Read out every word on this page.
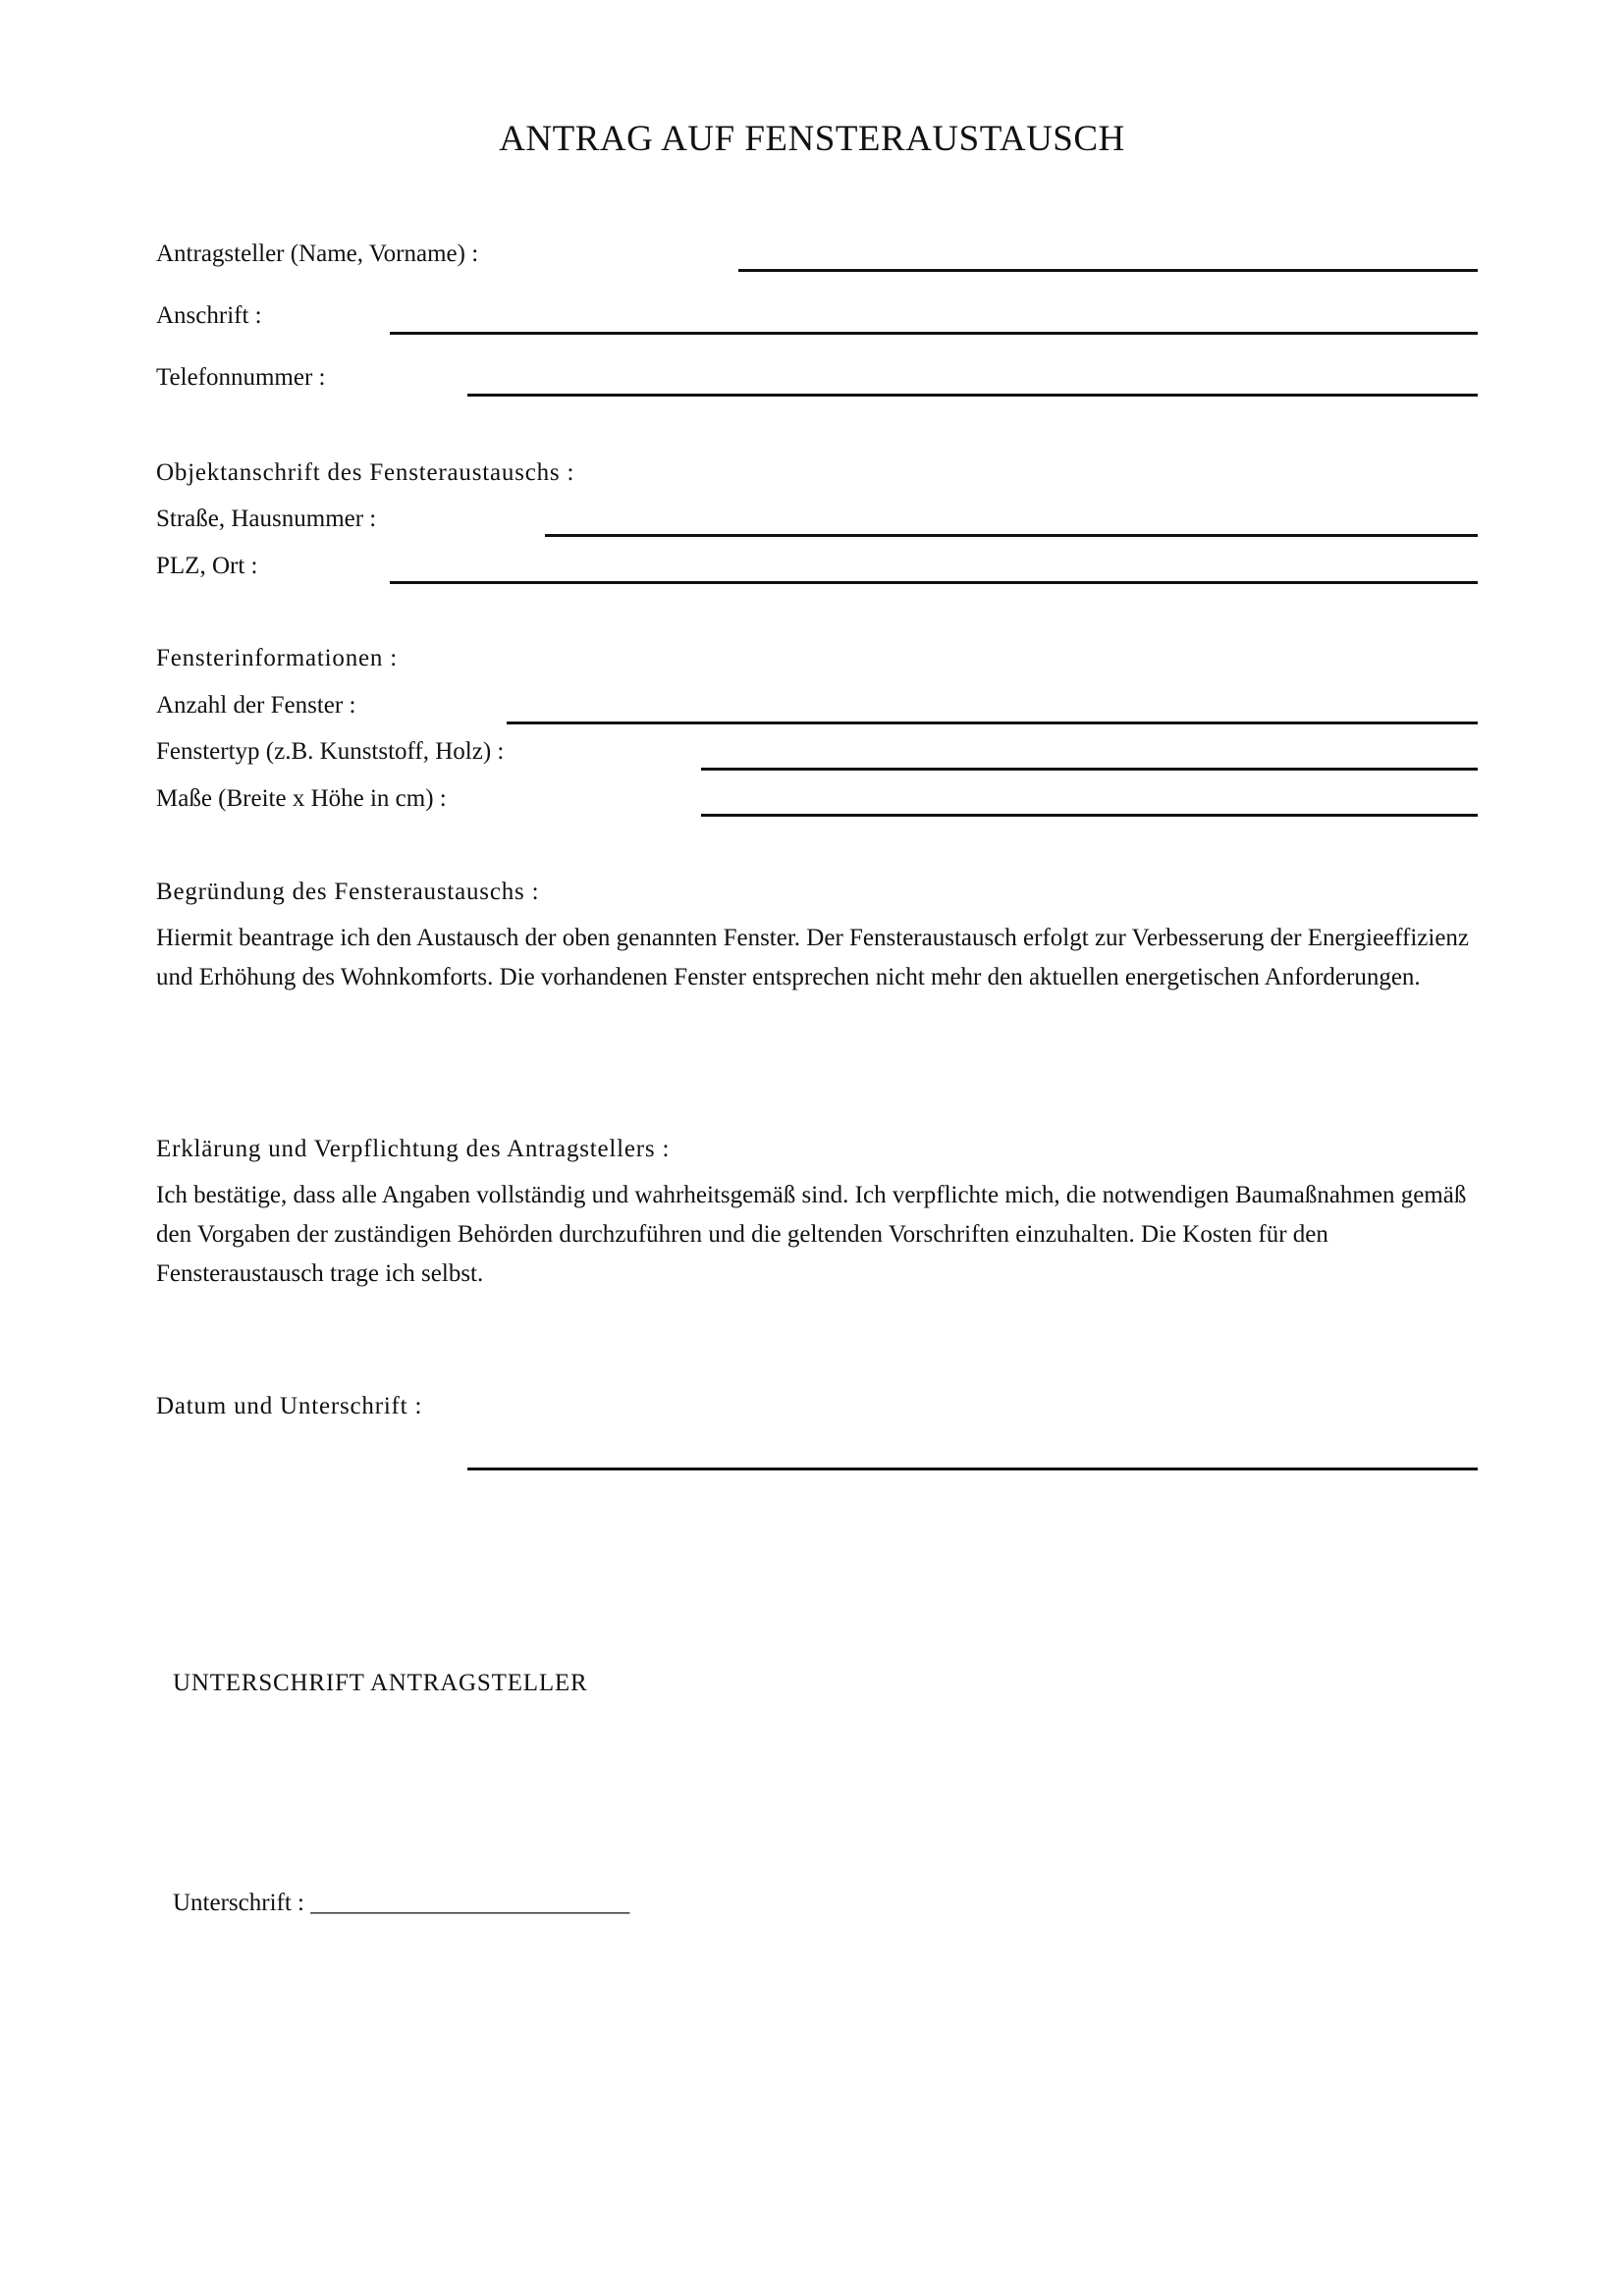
ANTRAG AUF FENSTERAUSTAUSCH
Antragsteller (Name, Vorname) :
Anschrift :
Telefonnummer :
Objektanschrift des Fensteraustauschs :
Straße, Hausnummer :
PLZ, Ort :
Fensterinformationen :
Anzahl der Fenster :
Fenstertyp (z.B. Kunststoff, Holz) :
Maße (Breite x Höhe in cm) :
Begründung des Fensteraustauschs :
Hiermit beantrage ich den Austausch der oben genannten Fenster. Der Fensteraustausch erfolgt zur Verbesserung der Energieeffizienz und Erhöhung des Wohnkomforts. Die vorhandenen Fenster entsprechen nicht mehr den aktuellen energetischen Anforderungen.
Erklärung und Verpflichtung des Antragstellers :
Ich bestätige, dass alle Angaben vollständig und wahrheitsgemäß sind. Ich verpflichte mich, die notwendigen Baumaßnahmen gemäß den Vorgaben der zuständigen Behörden durchzuführen und die geltenden Vorschriften einzuhalten. Die Kosten für den Fensteraustausch trage ich selbst.
Datum und Unterschrift :
UNTERSCHRIFT ANTRAGSTELLER
Unterschrift : __________________________
